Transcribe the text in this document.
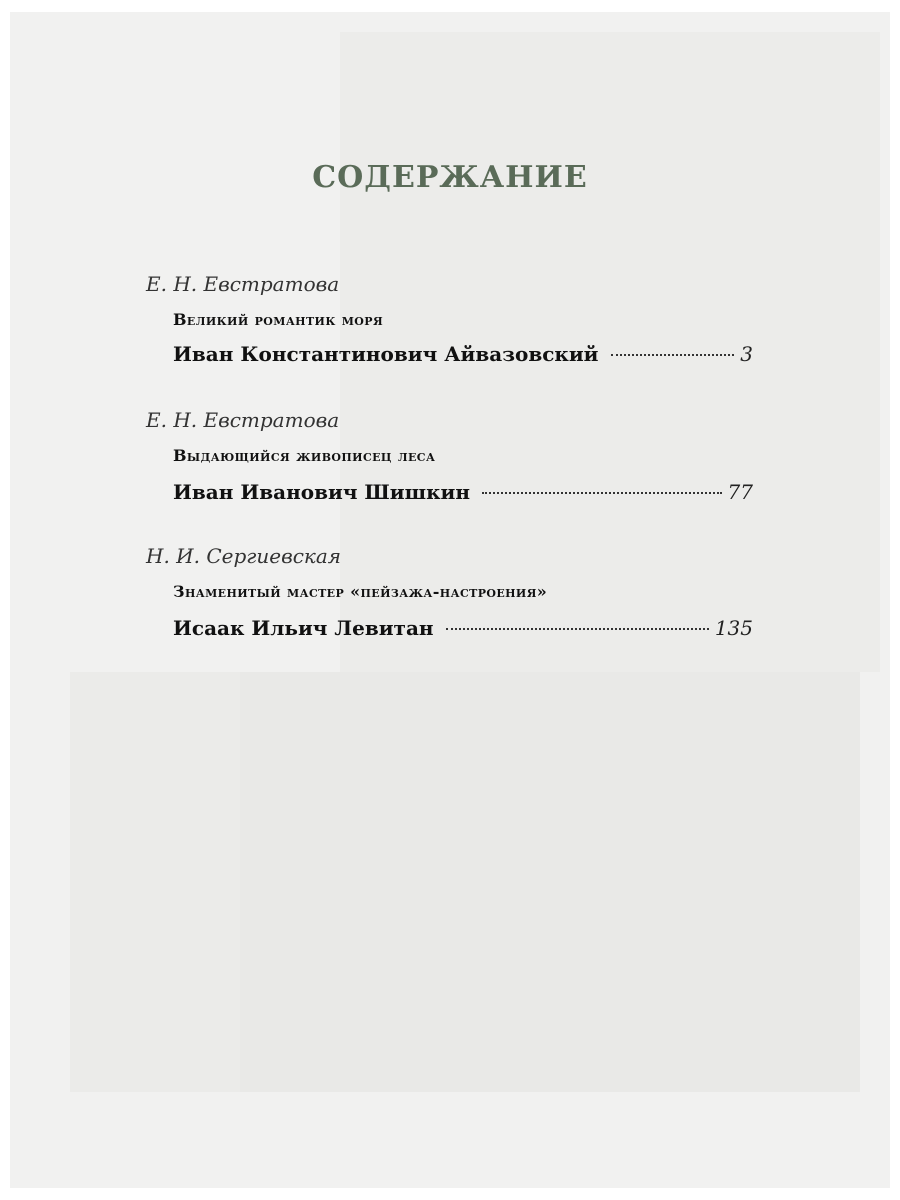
СОДЕРЖАНИЕ
Е. Н. Евстратова
Великий романтик моря
Иван Константинович Айвазовский	3
Е. Н. Евстратова
Выдающийся живописец леса
Иван Иванович Шишкин	77
Н. И. Сергиевская
Знаменитый мастер «пейзажа-настроения»
Исаак Ильич Левитан	135
